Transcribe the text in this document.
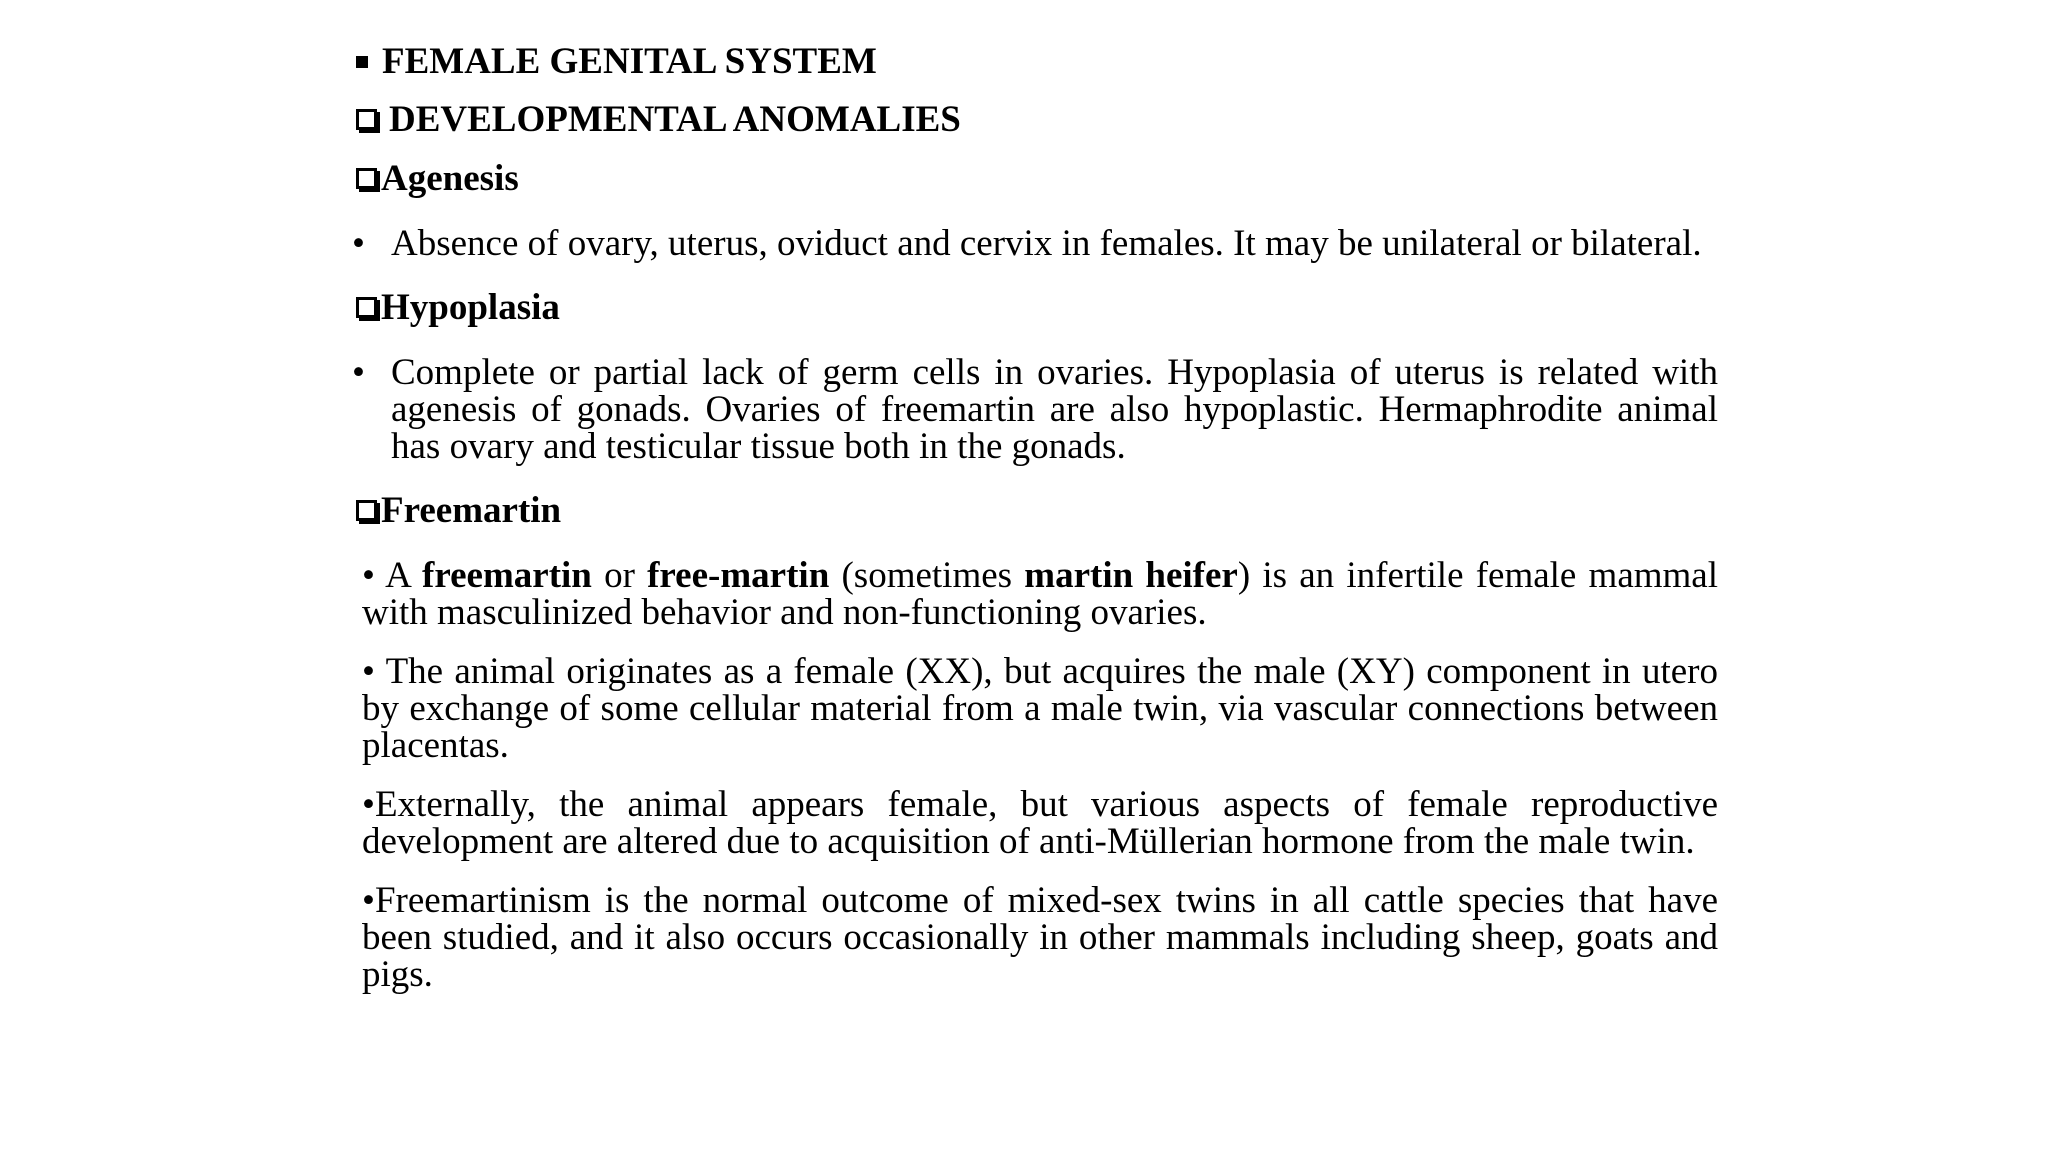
FEMALE GENITAL SYSTEM
DEVELOPMENTAL ANOMALIES
Agenesis

• Absence of ovary, uterus, oviduct and cervix in females. It may be unilateral or bilateral.

Hypoplasia

• Complete or partial lack of germ cells in ovaries. Hypoplasia of uterus is related with agenesis of gonads. Ovaries of freemartin are also hypoplastic. Hermaphrodite animal has ovary and testicular tissue both in the gonads.

Freemartin

• A freemartin or free-martin (sometimes martin heifer) is an infertile female mammal with masculinized behavior and non-functioning ovaries.

• The animal originates as a female (XX), but acquires the male (XY) component in utero by exchange of some cellular material from a male twin, via vascular connections between placentas.

•Externally, the animal appears female, but various aspects of female reproductive development are altered due to acquisition of anti-Müllerian hormone from the male twin.

•Freemartinism is the normal outcome of mixed-sex twins in all cattle species that have been studied, and it also occurs occasionally in other mammals including sheep, goats and pigs.
